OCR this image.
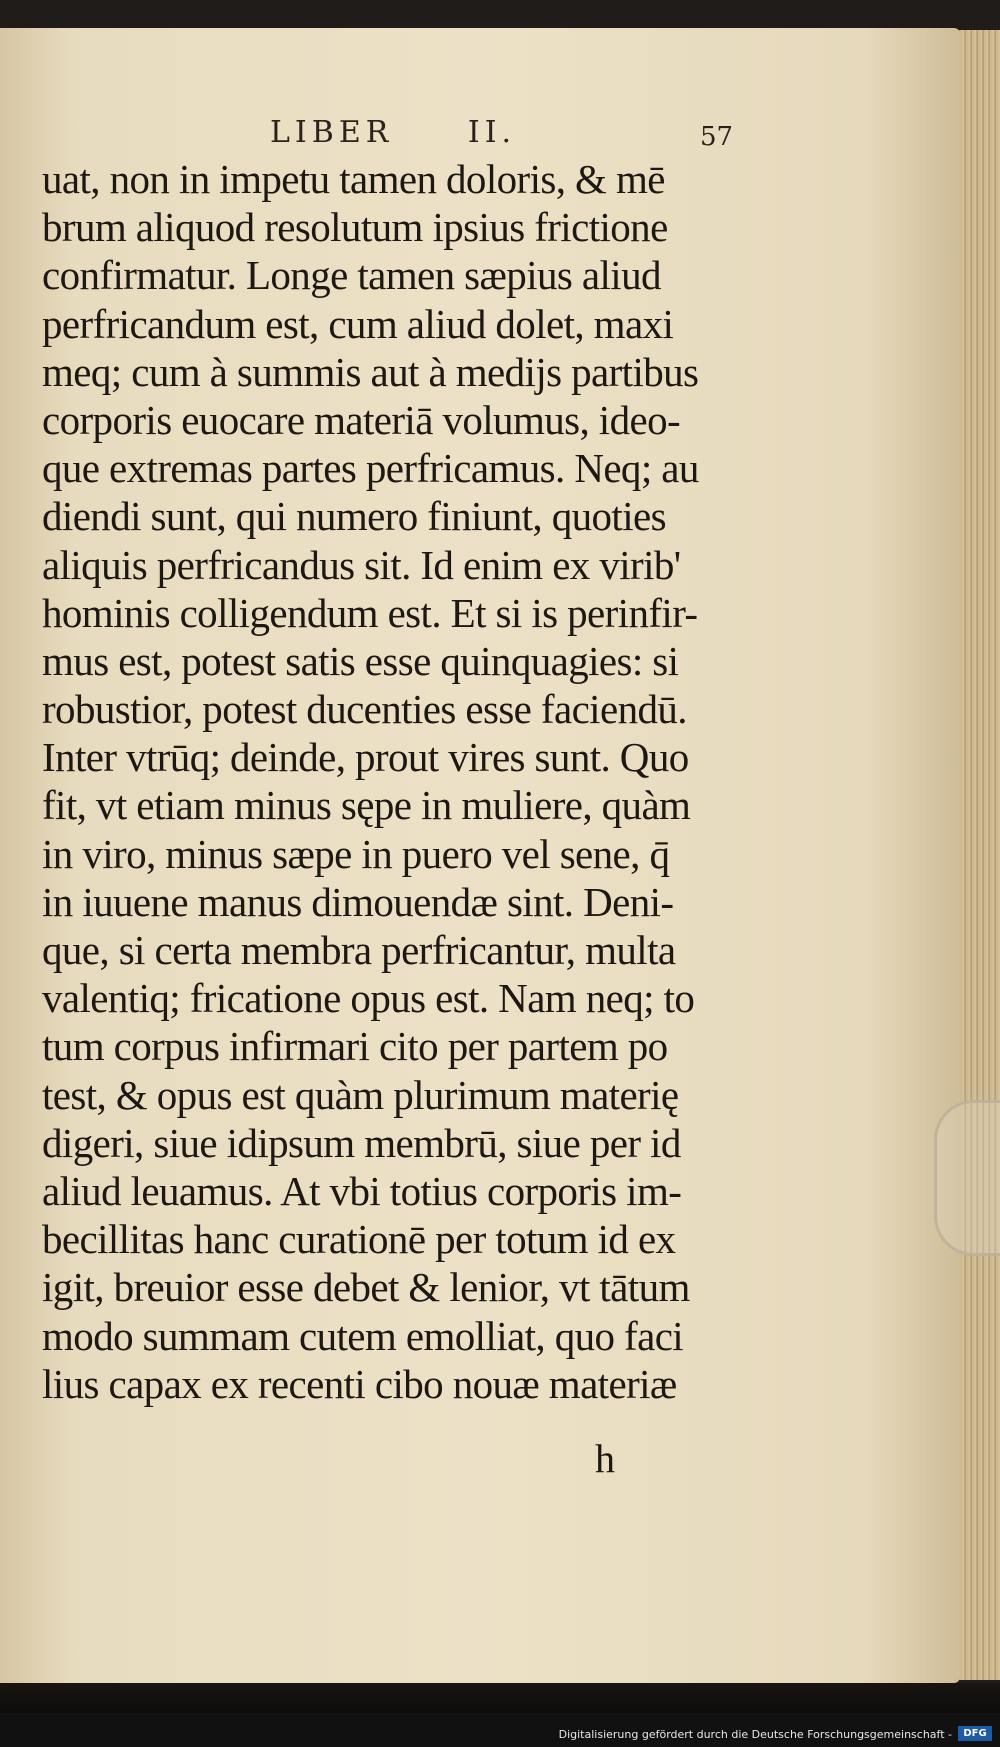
LIBER II.	57
uat, non in impetu tamen doloris, & mē
brum aliquod resolutum ipsius frictione
confirmatur. Longe tamen sæpius aliud
perfricandum est, cum aliud dolet, maxi
meq; cum à summis aut à medijs partibus
corporis euocare materiā volumus, ideo-
que extremas partes perfricamus. Neq; au
diendi sunt, qui numero finiunt, quoties
aliquis perfricandus sit. Id enim ex virib'
hominis colligendum est. Et si is perinfir-
mus est, potest satis esse quinquagies: si
robustior, potest ducenties esse faciendū.
Inter vtrūq; deinde, prout vires sunt. Quo
fit, vt etiam minus sępe in muliere, quàm
in viro, minus sæpe in puero vel sene, q̄
in iuuene manus dimouendæ sint. Deni-
que, si certa membra perfricantur, multa
valentiq; fricatione opus est. Nam neq; to
tum corpus infirmari cito per partem po
test, & opus est quàm plurimum materię
digeri, siue idipsum membrū, siue per id
aliud leuamus. At vbi totius corporis im-
becillitas hanc curationē per totum id ex
igit, breuior esse debet & lenior, vt tātum
modo summam cutem emolliat, quo faci
lius capax ex recenti cibo nouæ materiæ
h
Digitalisierung gefördert durch die Deutsche Forschungsgemeinschaft -	DFG
